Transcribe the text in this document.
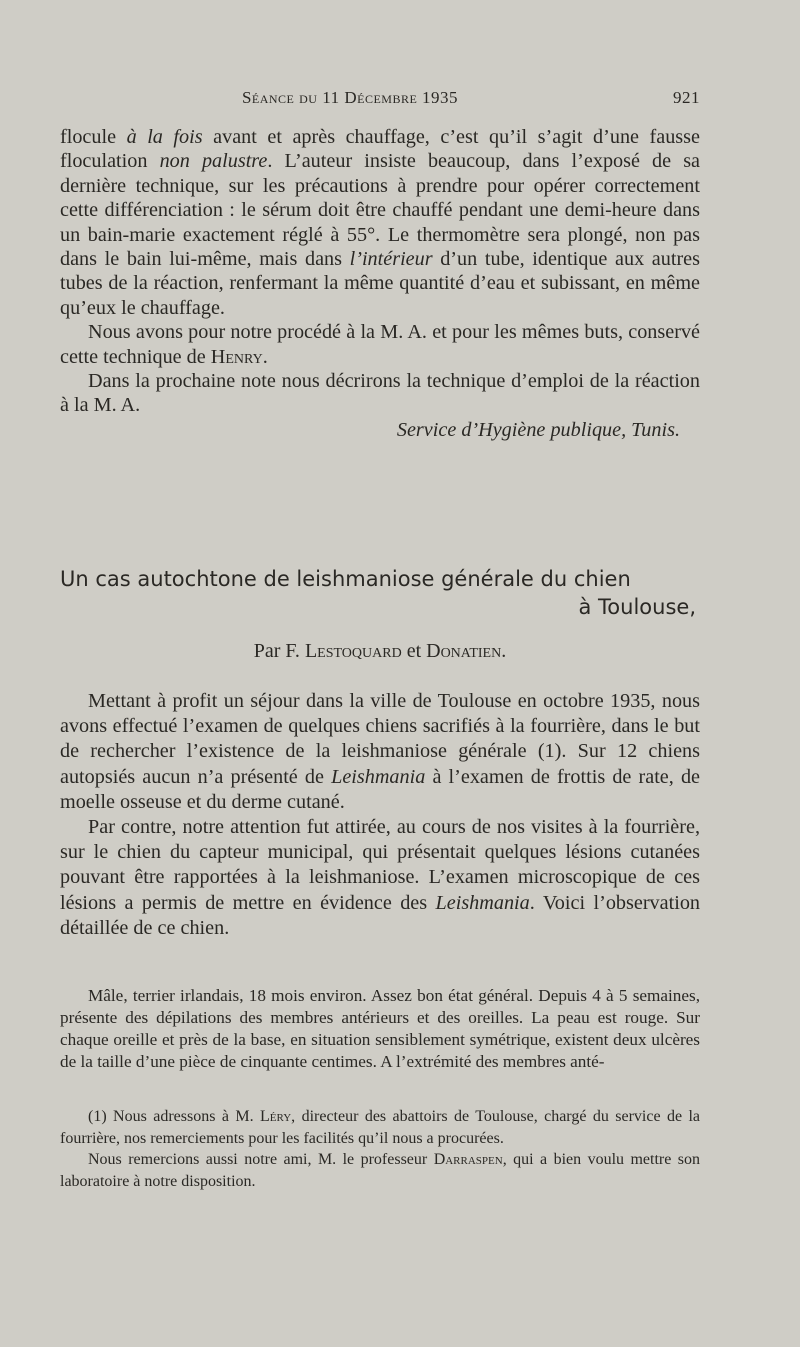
Séance du 11 Décembre 1935	921

flocule à la fois avant et après chauffage, c’est qu’il s’agit d’une fausse floculation non palustre. L’auteur insiste beaucoup, dans l’exposé de sa dernière technique, sur les précautions à prendre pour opérer correctement cette différenciation : le sérum doit être chauffé pendant une demi-heure dans un bain-marie exactement réglé à 55°. Le thermomètre sera plongé, non pas dans le bain lui-même, mais dans l’intérieur d’un tube, identique aux autres tubes de la réaction, renfermant la même quantité d’eau et subissant, en même qu’eux le chauffage.

Nous avons pour notre procédé à la M. A. et pour les mêmes buts, conservé cette technique de Henry.

Dans la prochaine note nous décrirons la technique d’emploi de la réaction à la M. A.

Service d’Hygiène publique, Tunis.

Un cas autochtone de leishmaniose générale du chien
à Toulouse,
Par F. Lestoquard et Donatien.

Mettant à profit un séjour dans la ville de Toulouse en octobre 1935, nous avons effectué l’examen de quelques chiens sacrifiés à la fourrière, dans le but de rechercher l’existence de la leishmaniose générale (1). Sur 12 chiens autopsiés aucun n’a présenté de Leishmania à l’examen de frottis de rate, de moelle osseuse et du derme cutané.

Par contre, notre attention fut attirée, au cours de nos visites à la fourrière, sur le chien du capteur municipal, qui présentait quelques lésions cutanées pouvant être rapportées à la leishmaniose. L’examen microscopique de ces lésions a permis de mettre en évidence des Leishmania. Voici l’observation détaillée de ce chien.

Mâle, terrier irlandais, 18 mois environ. Assez bon état général. Depuis 4 à 5 semaines, présente des dépilations des membres antérieurs et des oreilles. La peau est rouge. Sur chaque oreille et près de la base, en situation sensiblement symétrique, existent deux ulcères de la taille d’une pièce de cinquante centimes. A l’extrémité des membres anté-

(1) Nous adressons à M. Léry, directeur des abattoirs de Toulouse, chargé du service de la fourrière, nos remerciements pour les facilités qu’il nous a procurées.

Nous remercions aussi notre ami, M. le professeur Darraspen, qui a bien voulu mettre son laboratoire à notre disposition.
